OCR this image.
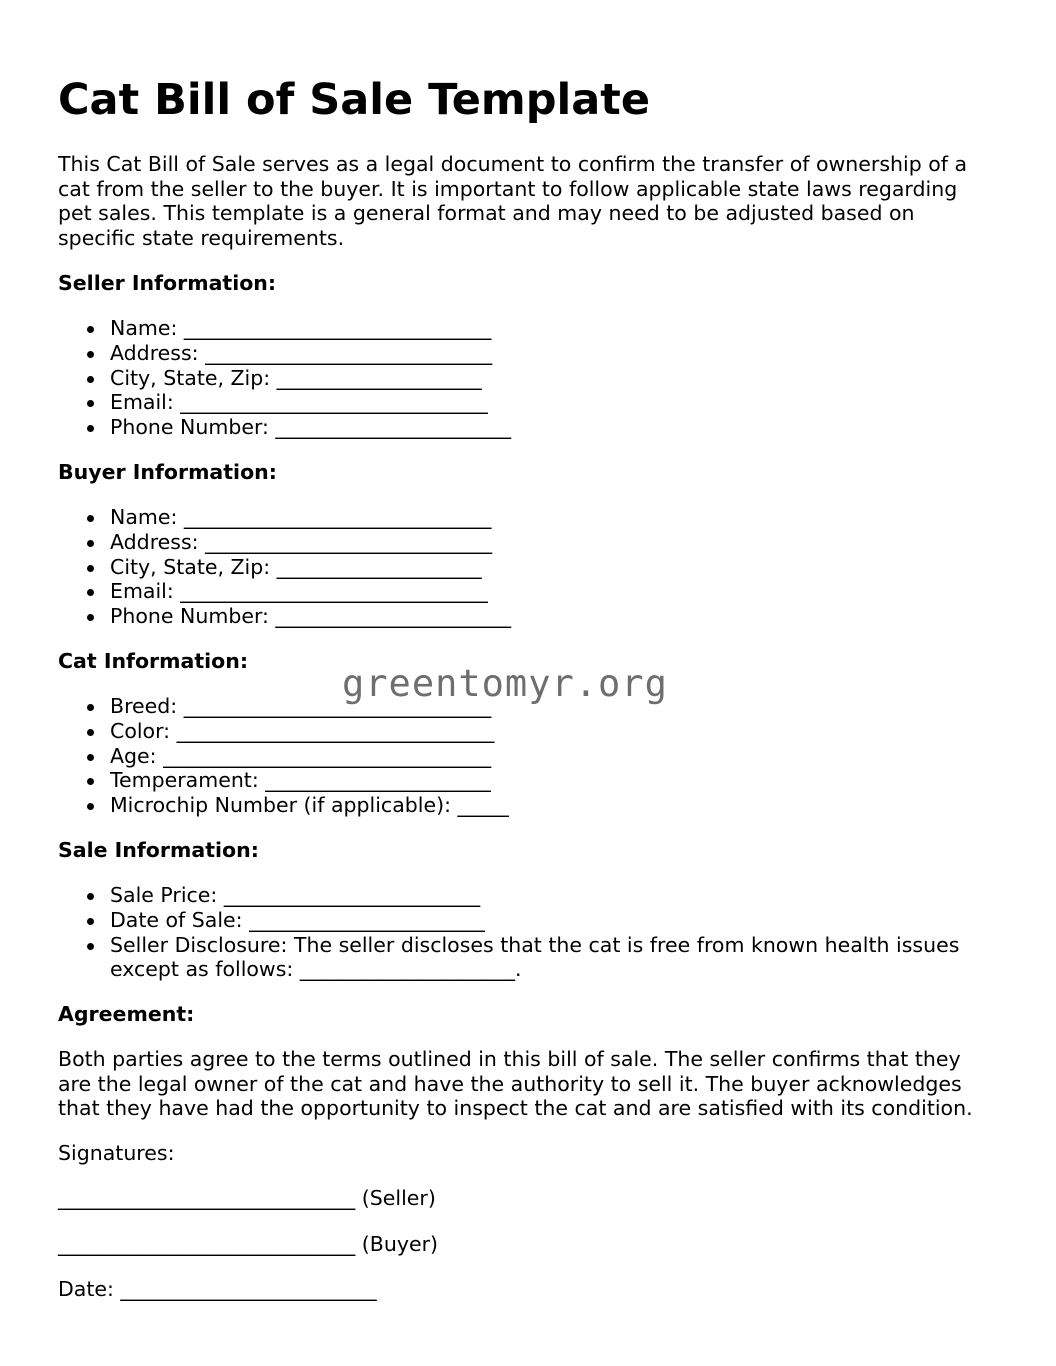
Cat Bill of Sale Template

This Cat Bill of Sale serves as a legal document to confirm the transfer of ownership of a cat from the seller to the buyer. It is important to follow applicable state laws regarding pet sales. This template is a general format and may need to be adjusted based on specific state requirements.

Seller Information:

Name: ______________________________
Address: ____________________________
City, State, Zip: ____________________
Email: ______________________________
Phone Number: _______________________

Buyer Information:

Name: ______________________________
Address: ____________________________
City, State, Zip: ____________________
Email: ______________________________
Phone Number: _______________________

Cat Information:

Breed: ______________________________
Color: _______________________________
Age: ________________________________
Temperament: ______________________
Microchip Number (if applicable): _____

Sale Information:

Sale Price: _________________________
Date of Sale: _______________________
Seller Disclosure: The seller discloses that the cat is free from known health issues except as follows: _____________________.

Agreement:

Both parties agree to the terms outlined in this bill of sale. The seller confirms that they are the legal owner of the cat and have the authority to sell it. The buyer acknowledges that they have had the opportunity to inspect the cat and are satisfied with its condition.

Signatures:

_____________________________ (Seller)

_____________________________ (Buyer)

Date: _________________________

greentomyr.org
